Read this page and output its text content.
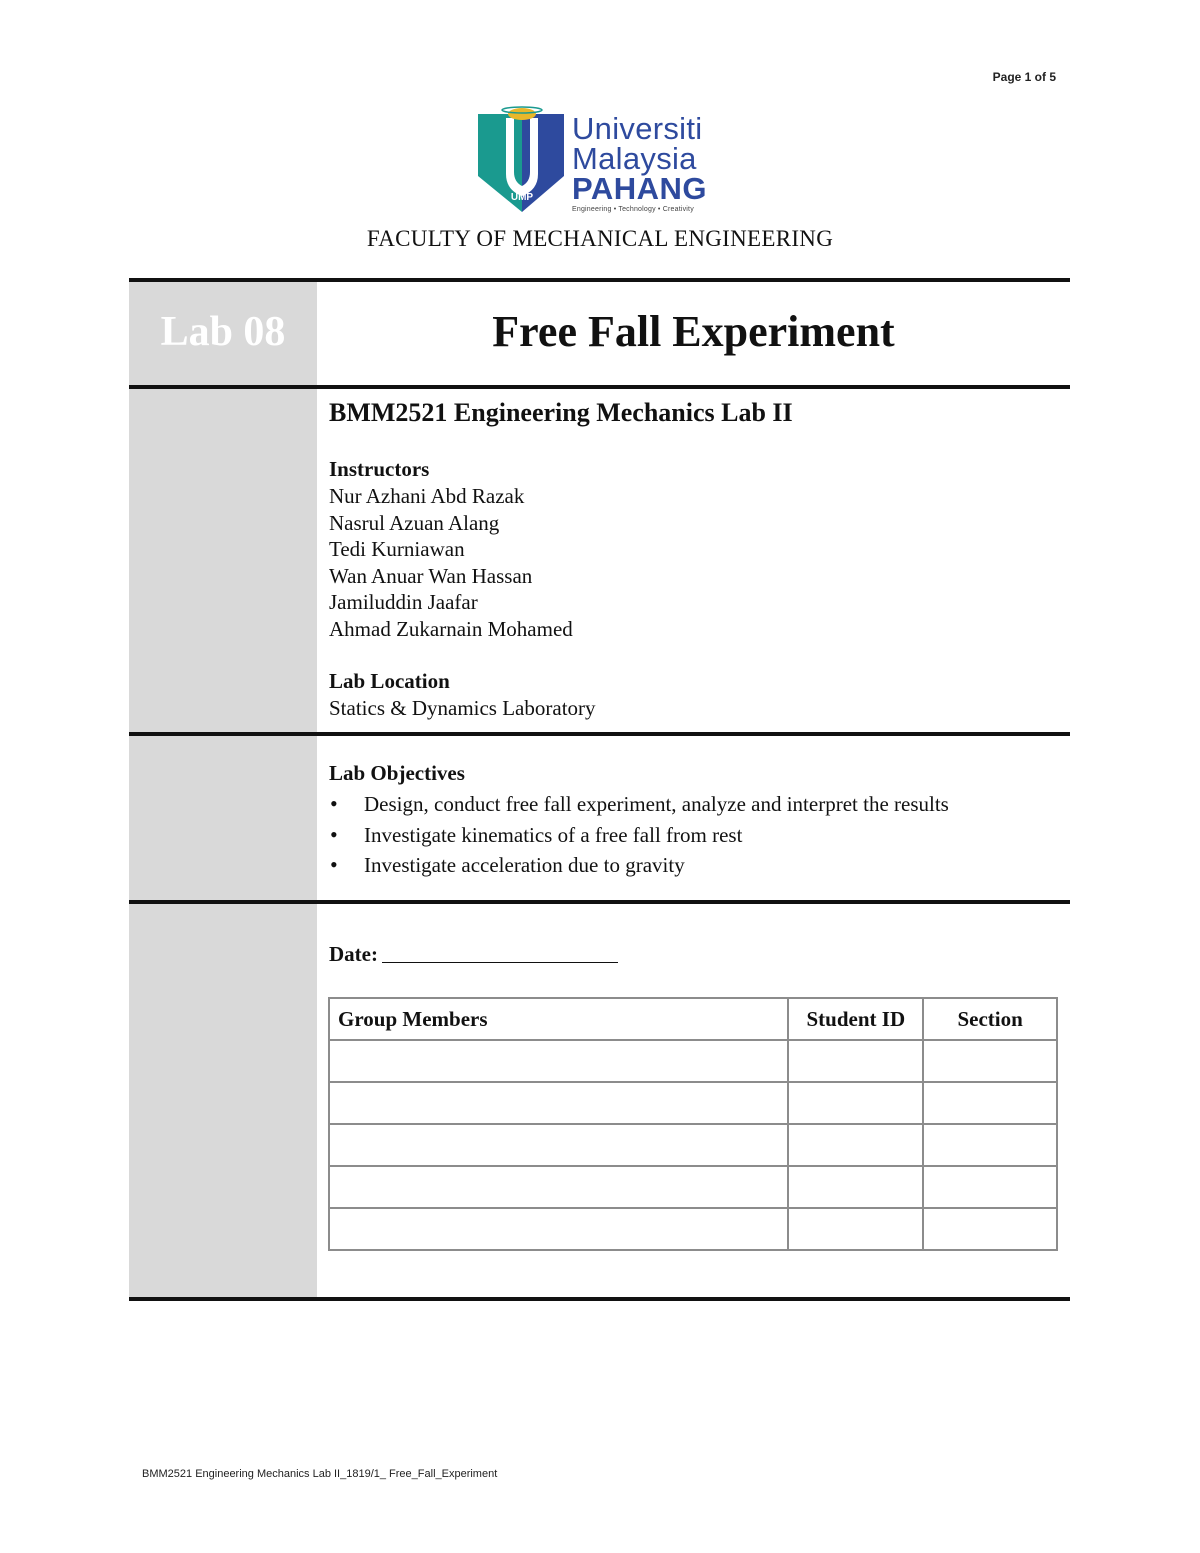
Page 1 of 5
UMP
Universiti
Malaysia
PAHANG
Engineering • Technology • Creativity
FACULTY OF MECHANICAL ENGINEERING
Lab 08	Free Fall Experiment
BMM2521 Engineering Mechanics Lab II

Instructors

Nur Azhani Abd Razak

Nasrul Azuan Alang

Tedi Kurniawan

Wan Anuar Wan Hassan

Jamiluddin Jaafar

Ahmad Zukarnain Mohamed

Lab Location

Statics & Dynamics Laboratory

Lab Objectives

• Design, conduct free fall experiment, analyze and interpret the results
• Investigate kinematics of a free fall from rest
• Investigate acceleration due to gravity
Date:
Group Members	Student ID	Section

BMM2521 Engineering Mechanics Lab II_1819/1_ Free_Fall_Experiment
